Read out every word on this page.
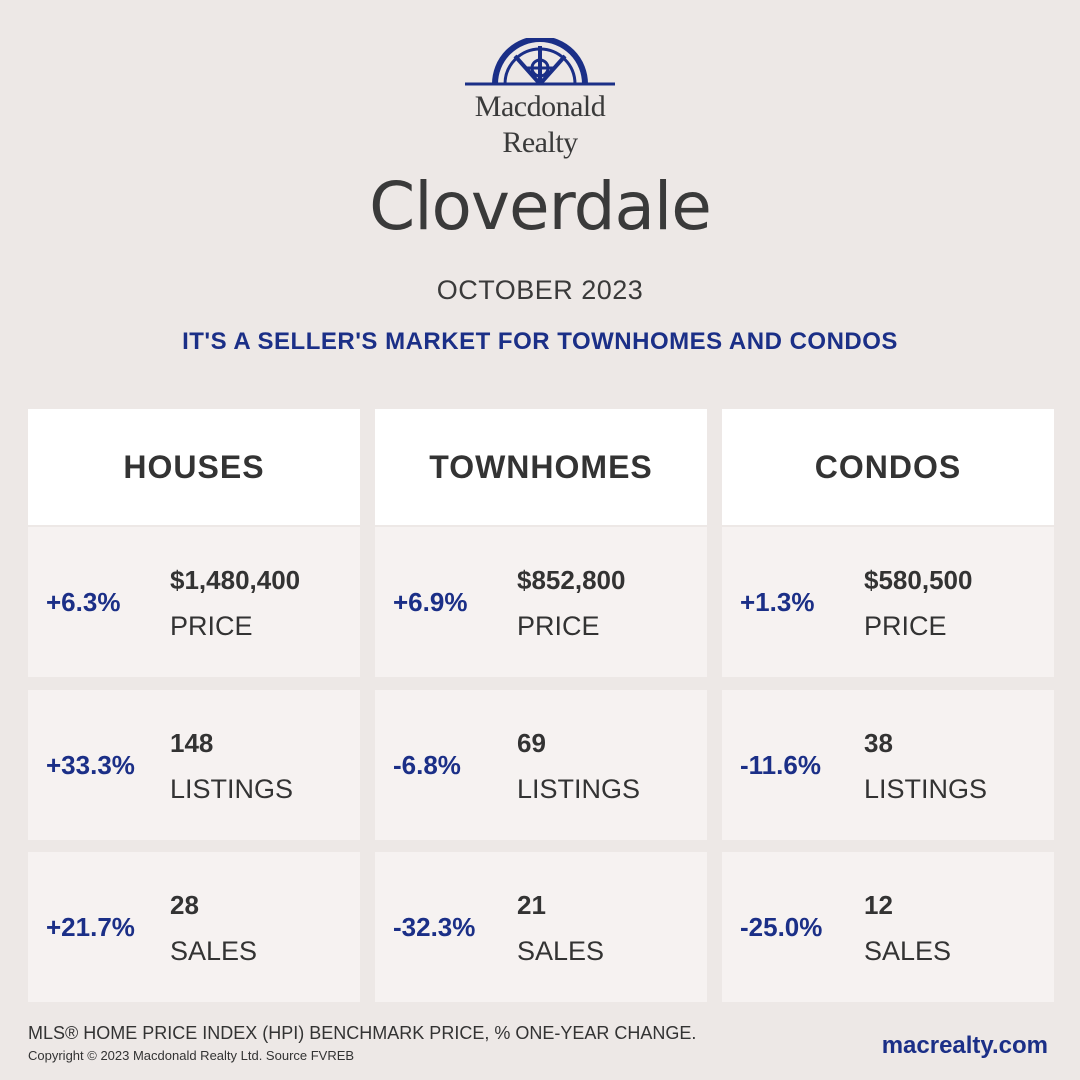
Macdonald
Realty
Cloverdale
OCTOBER 2023
IT'S A SELLER'S MARKET FOR TOWNHOMES AND CONDOS
HOUSES
+6.3%
$1,480,400
PRICE
+33.3%
148
LISTINGS
+21.7%
28
SALES
TOWNHOMES
+6.9%
$852,800
PRICE
-6.8%
69
LISTINGS
-32.3%
21
SALES
CONDOS
+1.3%
$580,500
PRICE
-11.6%
38
LISTINGS
-25.0%
12
SALES
MLS® HOME PRICE INDEX (HPI) BENCHMARK PRICE, % ONE-YEAR CHANGE.
Copyright © 2023 Macdonald Realty Ltd. Source FVREB	macrealty.com
